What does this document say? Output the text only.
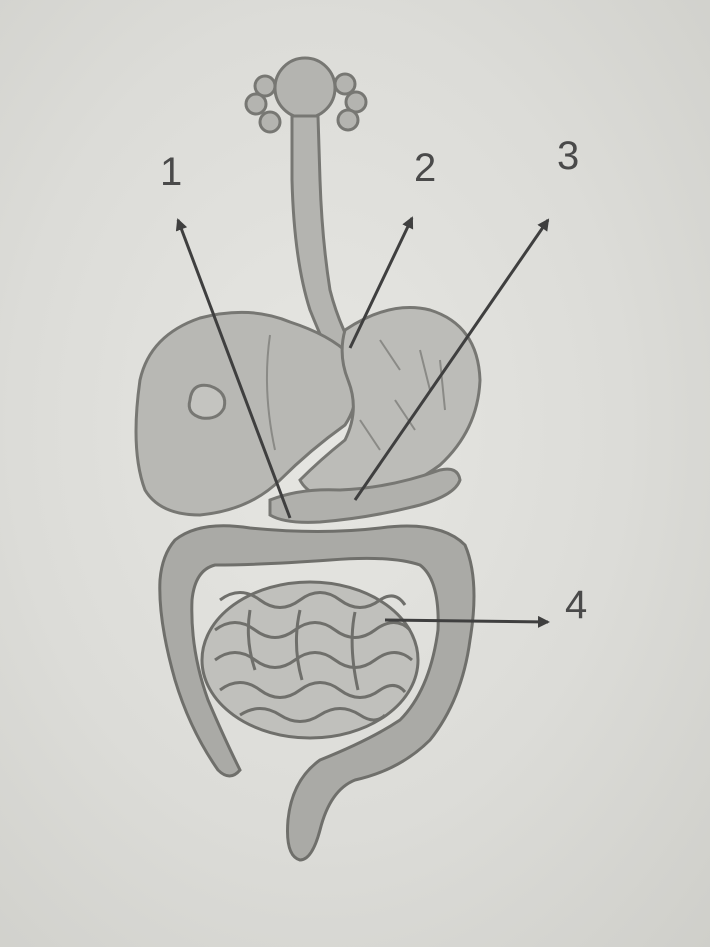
1	2	3
4
